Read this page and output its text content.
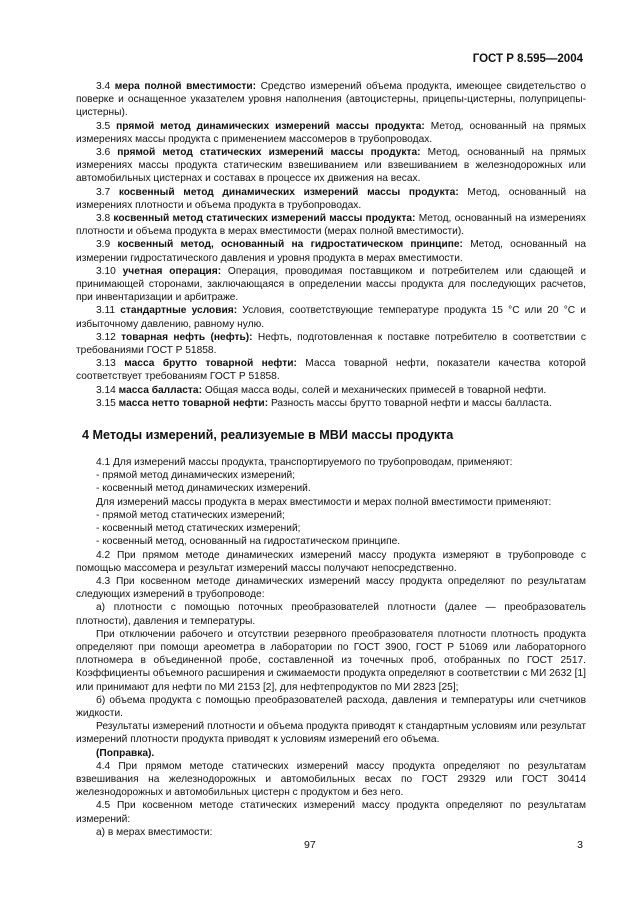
ГОСТ Р 8.595—2004

3.4 мера полной вместимости: Средство измерений объема продукта, имеющее свидетельство о поверке и оснащенное указателем уровня наполнения (автоцистерны, прицепы-цистерны, полуприцепы-цистерны).

3.5 прямой метод динамических измерений массы продукта: Метод, основанный на прямых измерениях массы продукта с применением массомеров в трубопроводах.

3.6 прямой метод статических измерений массы продукта: Метод, основанный на прямых измерениях массы продукта статическим взвешиванием или взвешиванием в железнодорожных или автомобильных цистернах и составах в процессе их движения на весах.

3.7 косвенный метод динамических измерений массы продукта: Метод, основанный на измерениях плотности и объема продукта в трубопроводах.

3.8 косвенный метод статических измерений массы продукта: Метод, основанный на измерениях плотности и объема продукта в мерах вместимости (мерах полной вместимости).

3.9 косвенный метод, основанный на гидростатическом принципе: Метод, основанный на измерении гидростатического давления и уровня продукта в мерах вместимости.

3.10 учетная операция: Операция, проводимая поставщиком и потребителем или сдающей и принимающей сторонами, заключающаяся в определении массы продукта для последующих расчетов, при инвентаризации и арбитраже.

3.11 стандартные условия: Условия, соответствующие температуре продукта 15 °С или 20 °С и избыточному давлению, равному нулю.

3.12 товарная нефть (нефть): Нефть, подготовленная к поставке потребителю в соответствии с требованиями ГОСТ Р 51858.

3.13 масса брутто товарной нефти: Масса товарной нефти, показатели качества которой соответствует требованиям ГОСТ Р 51858.

3.14 масса балласта: Общая масса воды, солей и механических примесей в товарной нефти.

3.15 масса нетто товарной нефти: Разность массы брутто товарной нефти и массы балласта.

4 Методы измерений, реализуемые в МВИ массы продукта

4.1 Для измерений массы продукта, транспортируемого по трубопроводам, применяют:

- прямой метод динамических измерений;

- косвенный метод динамических измерений.

Для измерений массы продукта в мерах вместимости и мерах полной вместимости применяют:

- прямой метод статических измерений;

- косвенный метод статических измерений;

- косвенный метод, основанный на гидростатическом принципе.

4.2 При прямом методе динамических измерений массу продукта измеряют в трубопроводе с помощью массомера и результат измерений массы получают непосредственно.

4.3 При косвенном методе динамических измерений массу продукта определяют по результатам следующих измерений в трубопроводе:

а) плотности с помощью поточных преобразователей плотности (далее — преобразователь плотности), давления и температуры.

При отключении рабочего и отсутствии резервного преобразователя плотности плотность продукта определяют при помощи ареометра в лаборатории по ГОСТ 3900, ГОСТ Р 51069 или лабораторного плотномера в объединенной пробе, составленной из точечных проб, отобранных по ГОСТ 2517. Коэффициенты объемного расширения и сжимаемости продукта определяют в соответствии с МИ 2632 [1] или принимают для нефти по МИ 2153 [2], для нефтепродуктов по МИ 2823 [25];

б) объема продукта с помощью преобразователей расхода, давления и температуры или счетчиков жидкости.

Результаты измерений плотности и объема продукта приводят к стандартным условиям или результат измерений плотности продукта приводят к условиям измерений его объема.

(Поправка).

4.4 При прямом методе статических измерений массу продукта определяют по результатам взвешивания на железнодорожных и автомобильных весах по ГОСТ 29329 или ГОСТ 30414 железнодорожных и автомобильных цистерн с продуктом и без него.

4.5 При косвенном методе статических измерений массу продукта определяют по результатам измерений:

а) в мерах вместимости:

97	3
